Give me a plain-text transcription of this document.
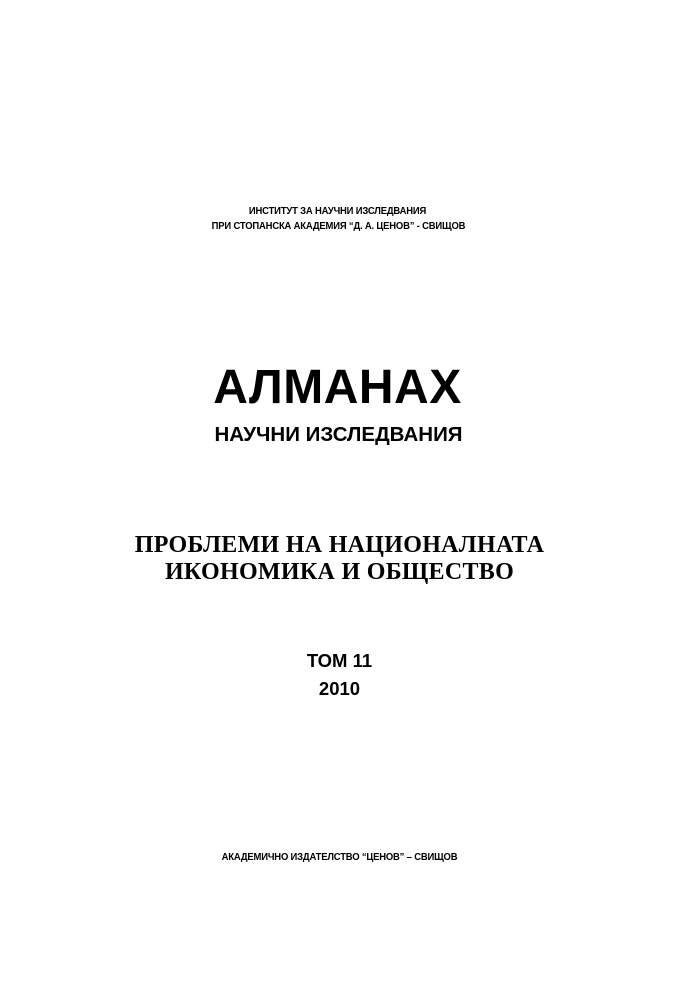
ИНСТИТУТ ЗА НАУЧНИ ИЗСЛЕДВАНИЯ
ПРИ СТОПАНСКА АКАДЕМИЯ “Д. А. ЦЕНОВ” - СВИЩОВ
АЛМАНАХ
НАУЧНИ ИЗСЛЕДВАНИЯ
ПРОБЛЕМИ НА НАЦИОНАЛНАТА
ИКОНОМИКА И ОБЩЕСТВО
ТОМ 11
2010
АКАДЕМИЧНО ИЗДАТЕЛСТВО “ЦЕНОВ” – СВИЩОВ
